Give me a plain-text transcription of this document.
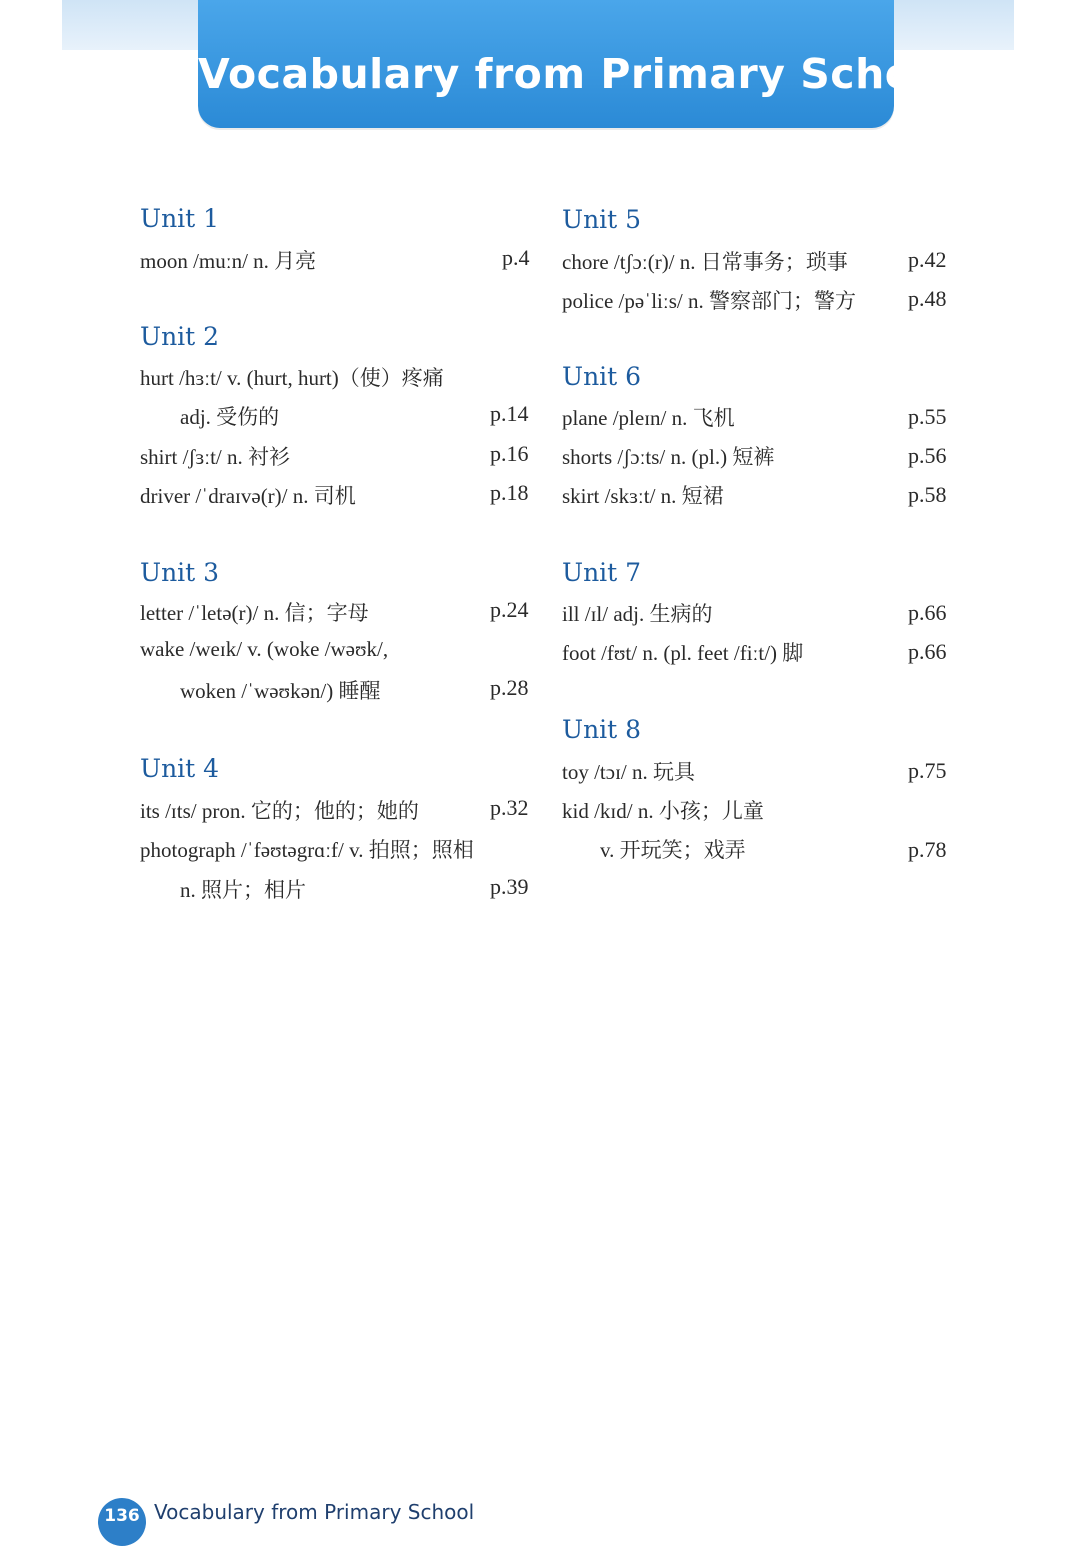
Vocabulary from Primary School
Unit 1
moon /muːn/ n. 月亮	p.4
Unit 2
hurt /hɜːt/ v. (hurt, hurt)（使）疼痛
adj. 受伤的	p.14
shirt /ʃɜːt/ n. 衬衫	p.16
driver /ˈdraɪvə(r)/ n. 司机	p.18
Unit 3
letter /ˈletə(r)/ n. 信；字母	p.24
wake /weɪk/ v. (woke /wəʊk/,
woken /ˈwəʊkən/) 睡醒	p.28
Unit 4
its /ɪts/ pron. 它的；他的；她的	p.32
photograph /ˈfəʊtəgrɑːf/ v. 拍照；照相
n. 照片；相片	p.39
Unit 5
chore /tʃɔː(r)/ n. 日常事务；琐事	p.42
police /pəˈliːs/ n. 警察部门；警方 p.48
Unit 6
plane /pleɪn/ n. 飞机	p.55
shorts /ʃɔːts/ n. (pl.) 短裤	p.56
skirt /skɜːt/ n. 短裙	p.58
Unit 7
ill /ɪl/ adj. 生病的	p.66
foot /fʊt/ n. (pl. feet /fiːt/) 脚	p.66
Unit 8
toy /tɔɪ/ n. 玩具	p.75
kid /kɪd/ n. 小孩；儿童
v. 开玩笑；戏弄	p.78
136 Vocabulary from Primary School
